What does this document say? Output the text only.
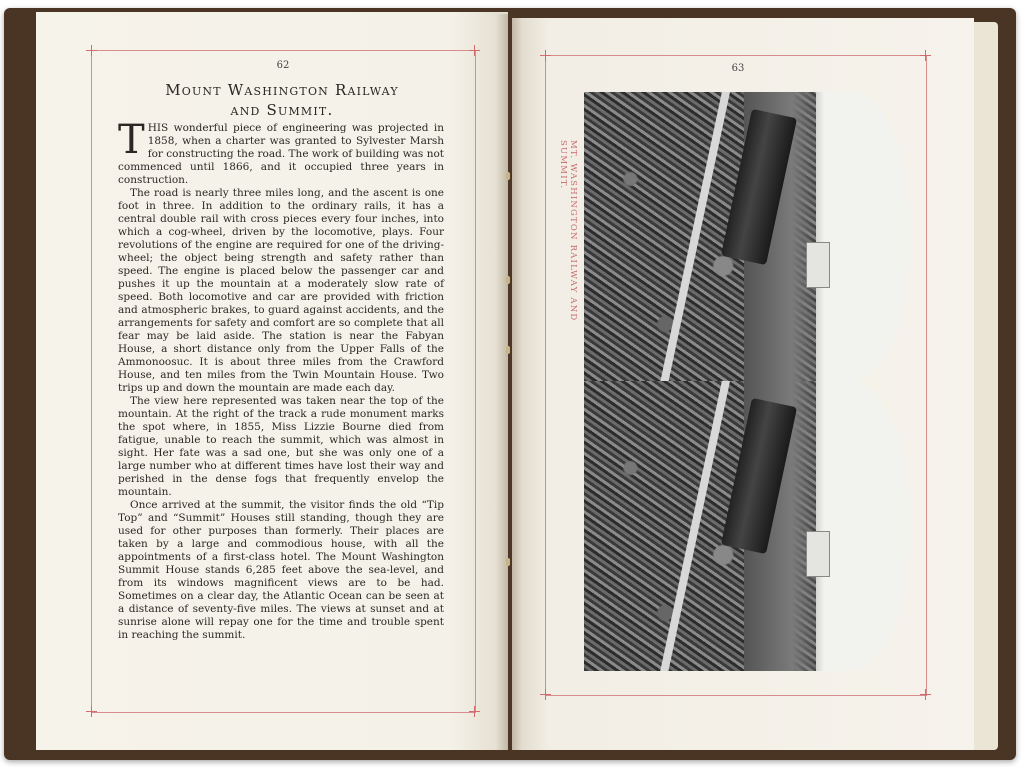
62
Mount Washington Railway
and Summit.

THIS wonderful piece of engineering was projected in 1858, when a charter was granted to Sylvester Marsh for constructing the road. The work of building was not commenced until 1866, and it occupied three years in construction.

The road is nearly three miles long, and the ascent is one foot in three. In addition to the ordinary rails, it has a central double rail with cross pieces every four inches, into which a cog-wheel, driven by the locomotive, plays. Four revolutions of the engine are required for one of the driving-wheel; the object being strength and safety rather than speed. The engine is placed below the passenger car and pushes it up the mountain at a moderately slow rate of speed. Both locomotive and car are provided with friction and atmospheric brakes, to guard against accidents, and the arrangements for safety and comfort are so complete that all fear may be laid aside. The station is near the Fabyan House, a short distance only from the Upper Falls of the Ammonoosuc. It is about three miles from the Crawford House, and ten miles from the Twin Mountain House. Two trips up and down the mountain are made each day.

The view here represented was taken near the top of the mountain. At the right of the track a rude monument marks the spot where, in 1855, Miss Lizzie Bourne died from fatigue, unable to reach the summit, which was almost in sight. Her fate was a sad one, but she was only one of a large number who at different times have lost their way and perished in the dense fogs that frequently envelop the mountain.

Once arrived at the summit, the visitor finds the old “Tip Top” and “Summit” Houses still standing, though they are used for other purposes than formerly. Their places are taken by a large and commodious house, with all the appointments of a first-class hotel. The Mount Washington Summit House stands 6,285 feet above the sea-level, and from its windows magnificent views are to be had. Sometimes on a clear day, the Atlantic Ocean can be seen at a distance of seventy-five miles. The views at sunset and at sunrise alone will repay one for the time and trouble spent in reaching the summit.

63
MT. WASHINGTON RAILWAY AND SUMMIT.
